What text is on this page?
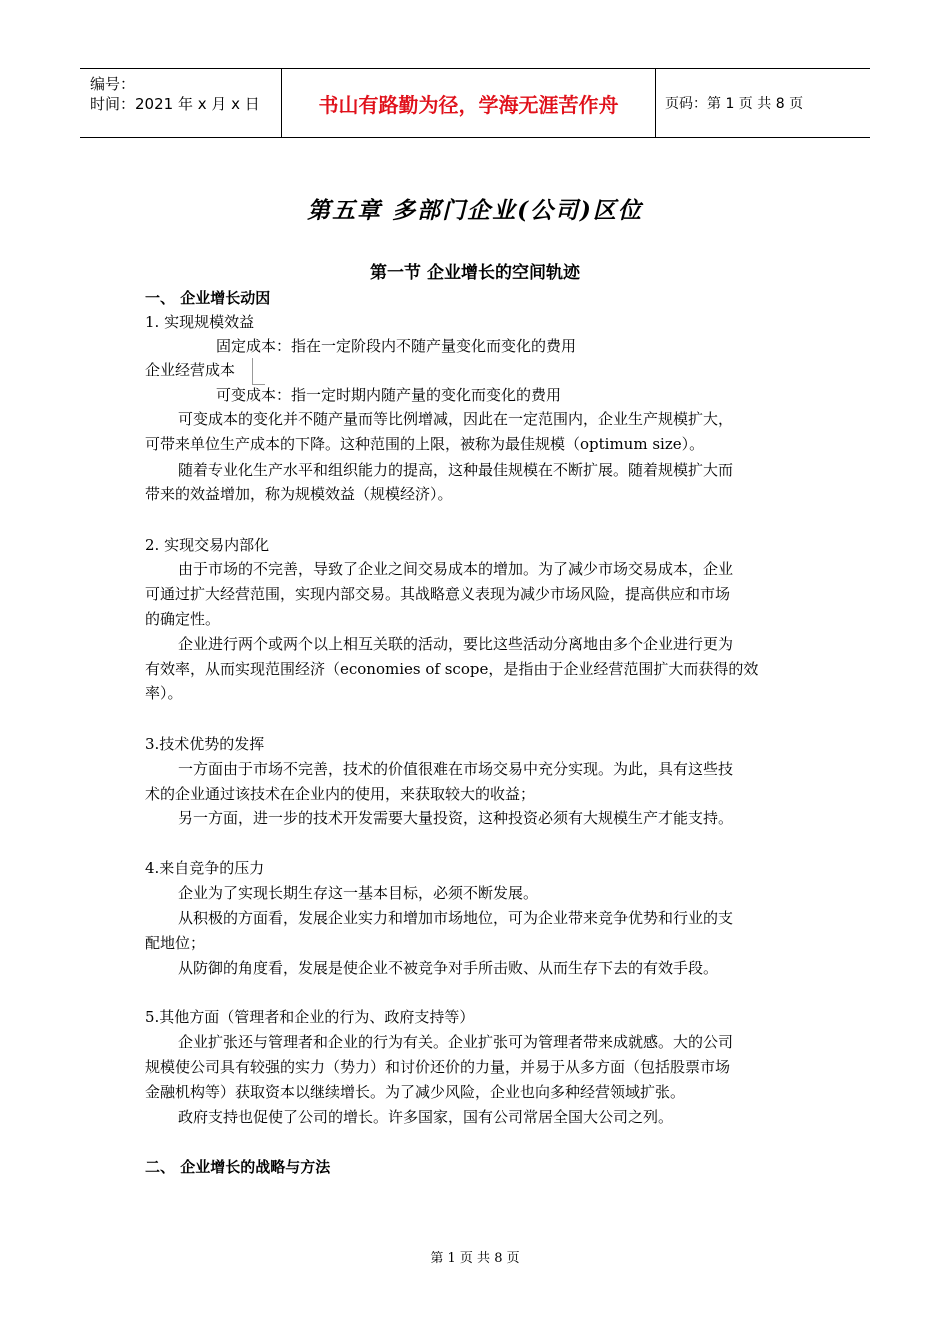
编号：
时间：2021 年 x 月 x 日	书山有路勤为径，学海无涯苦作舟	页码：第 1 页 共 8 页
第五章 多部门企业(公司)区位
第一节 企业增长的空间轨迹
一、 企业增长动因
1. 实现规模效益
固定成本：指在一定阶段内不随产量变化而变化的费用
企业经营成本
可变成本：指一定时期内随产量的变化而变化的费用
可变成本的变化并不随产量而等比例增减，因此在一定范围内，企业生产规模扩大，
可带来单位生产成本的下降。这种范围的上限，被称为最佳规模（optimum size）。
随着专业化生产水平和组织能力的提高，这种最佳规模在不断扩展。随着规模扩大而
带来的效益增加，称为规模效益（规模经济）。
2. 实现交易内部化
由于市场的不完善，导致了企业之间交易成本的增加。为了减少市场交易成本，企业
可通过扩大经营范围，实现内部交易。其战略意义表现为减少市场风险，提高供应和市场
的确定性。
企业进行两个或两个以上相互关联的活动，要比这些活动分离地由多个企业进行更为
有效率，从而实现范围经济（economies of scope，是指由于企业经营范围扩大而获得的效
率）。
3.技术优势的发挥
一方面由于市场不完善，技术的价值很难在市场交易中充分实现。为此，具有这些技
术的企业通过该技术在企业内的使用，来获取较大的收益；
另一方面，进一步的技术开发需要大量投资，这种投资必须有大规模生产才能支持。
4.来自竞争的压力
企业为了实现长期生存这一基本目标，必须不断发展。
从积极的方面看，发展企业实力和增加市场地位，可为企业带来竞争优势和行业的支
配地位；
从防御的角度看，发展是使企业不被竞争对手所击败、从而生存下去的有效手段。
5.其他方面（管理者和企业的行为、政府支持等）
企业扩张还与管理者和企业的行为有关。企业扩张可为管理者带来成就感。大的公司
规模使公司具有较强的实力（势力）和讨价还价的力量，并易于从多方面（包括股票市场
金融机构等）获取资本以继续增长。为了减少风险，企业也向多种经营领域扩张。
政府支持也促使了公司的增长。许多国家，国有公司常居全国大公司之列。
二、 企业增长的战略与方法
第 1 页 共 8 页
